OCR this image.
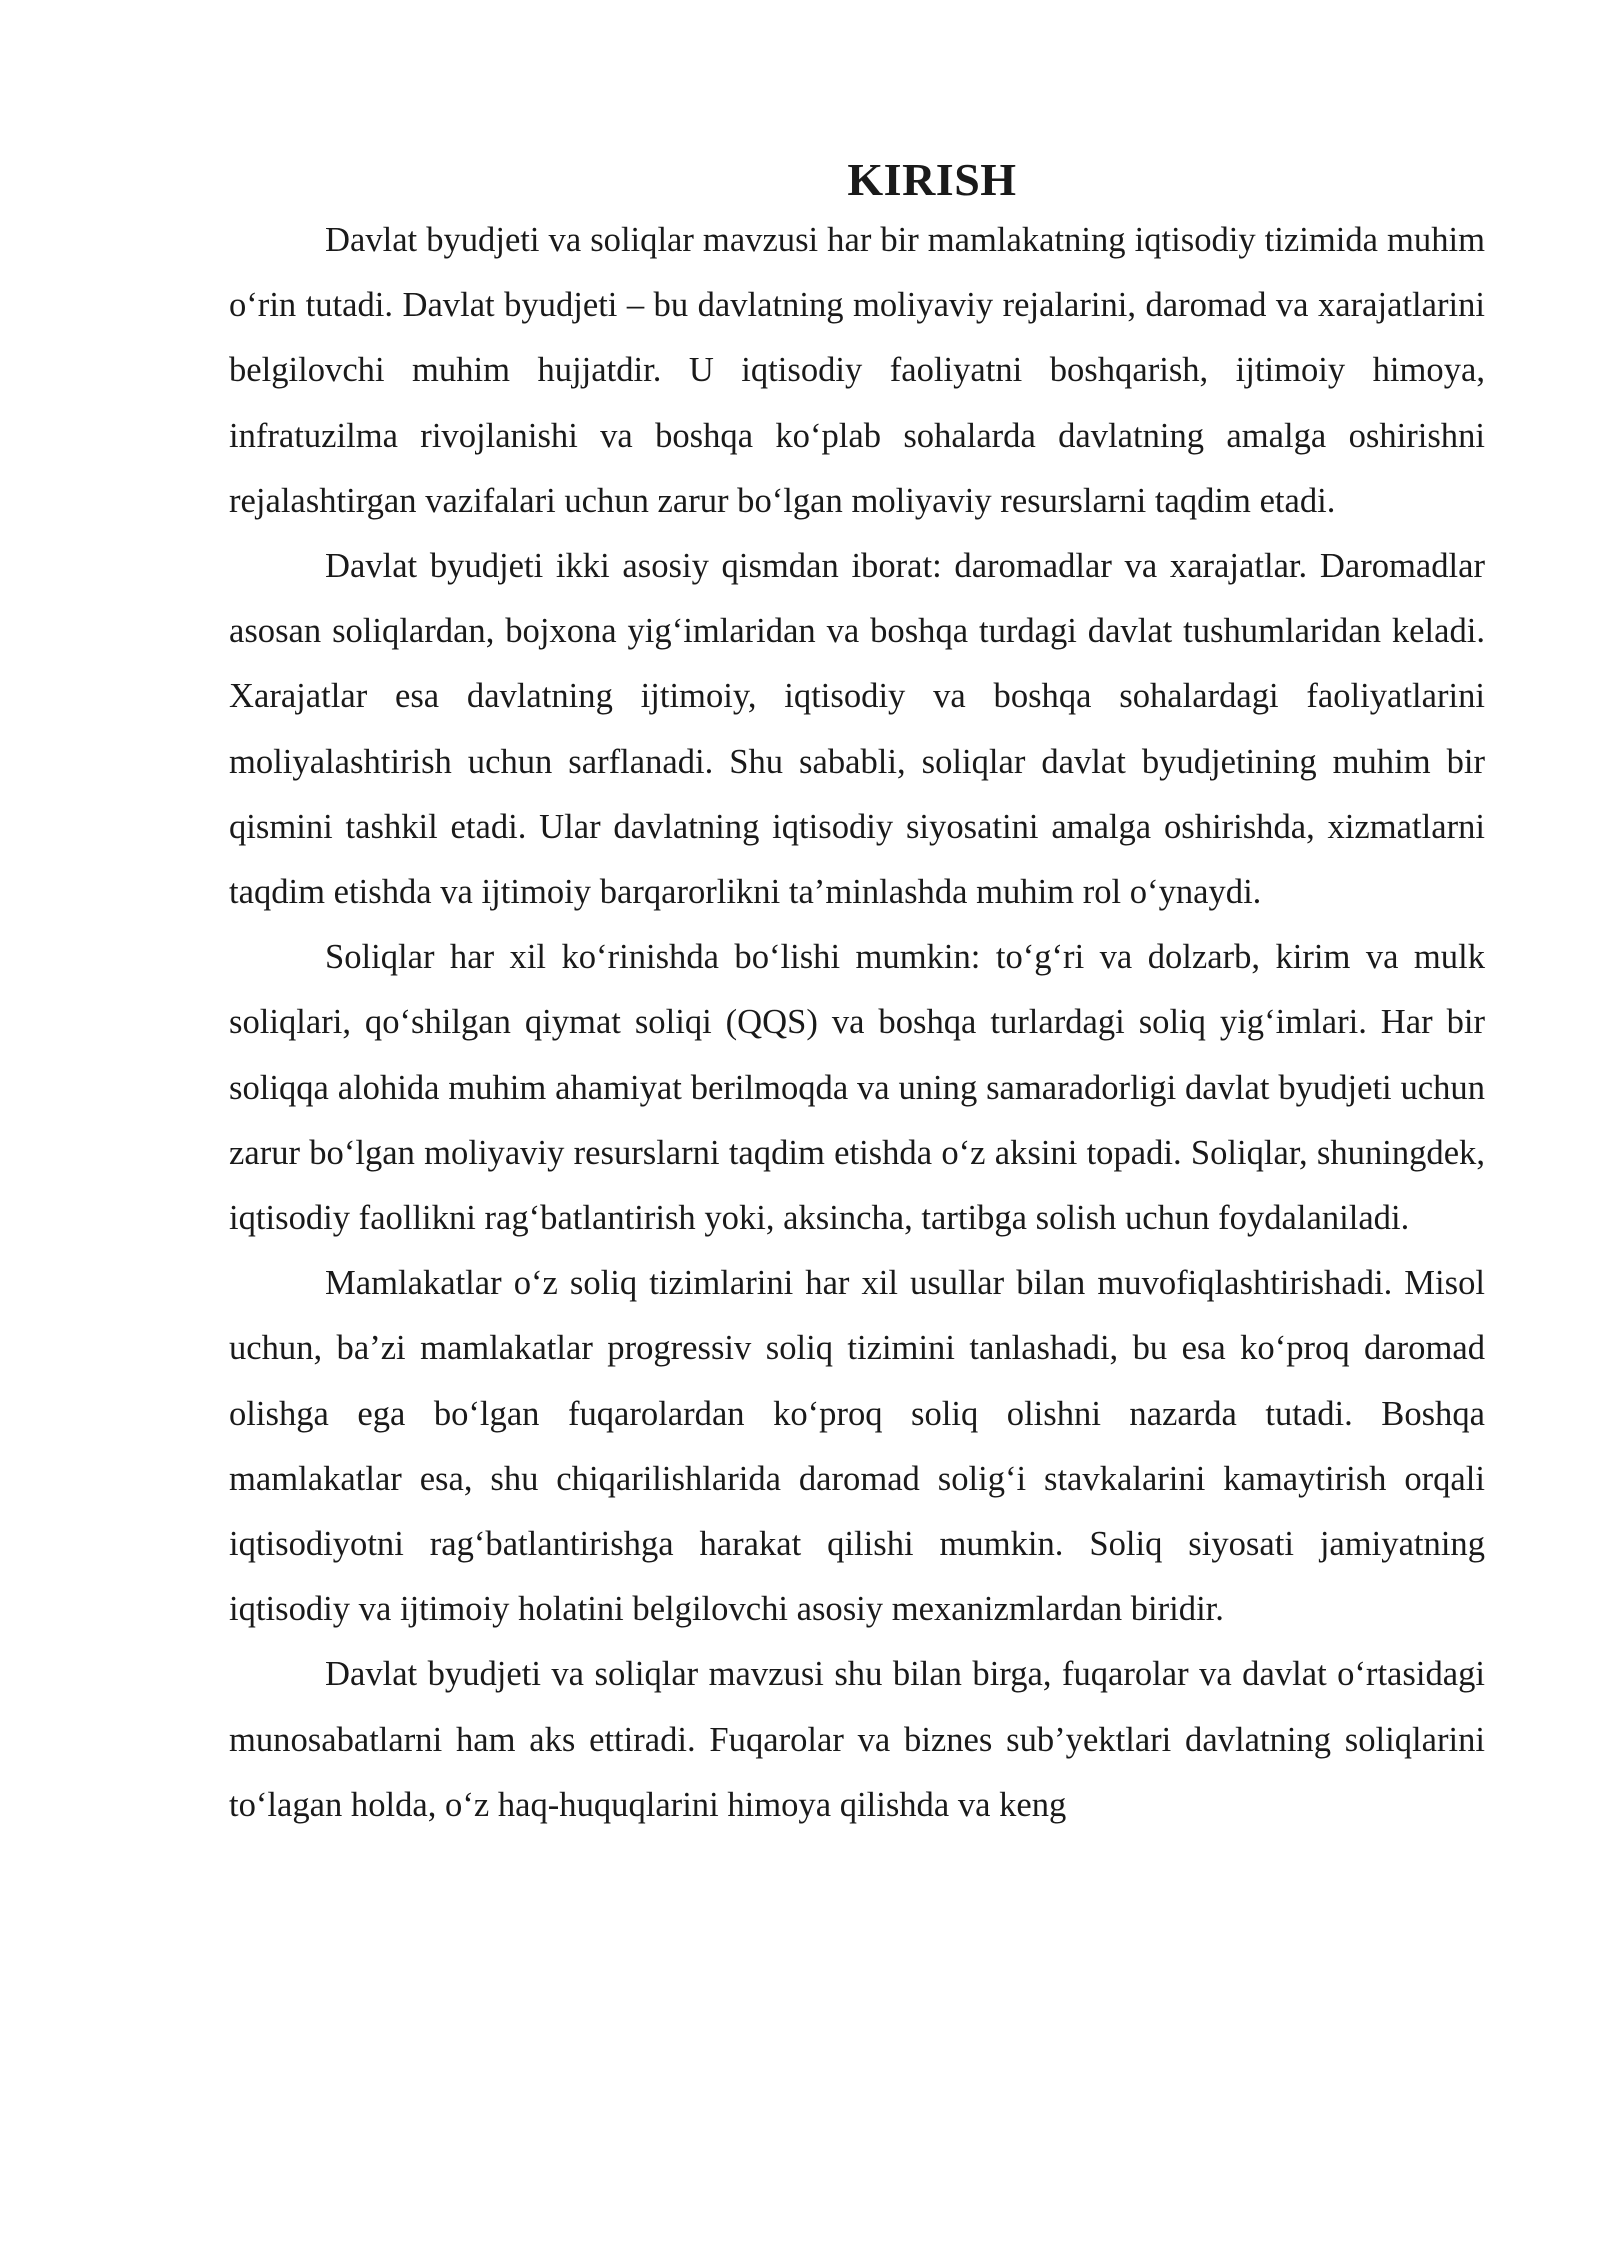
KIRISH

Davlat byudjeti va soliqlar mavzusi har bir mamlakatning iqtisodiy tizimida muhim o‘rin tutadi. Davlat byudjeti – bu davlatning moliyaviy rejalarini, daromad va xarajatlarini belgilovchi muhim hujjatdir. U iqtisodiy faoliyatni boshqarish, ijtimoiy himoya, infratuzilma rivojlanishi va boshqa ko‘plab sohalarda davlatning amalga oshirishni rejalashtirgan vazifalari uchun zarur bo‘lgan moliyaviy resurslarni taqdim etadi.

Davlat byudjeti ikki asosiy qismdan iborat: daromadlar va xarajatlar. Daromadlar asosan soliqlardan, bojxona yig‘imlaridan va boshqa turdagi davlat tushumlaridan keladi. Xarajatlar esa davlatning ijtimoiy, iqtisodiy va boshqa sohalardagi faoliyatlarini moliyalashtirish uchun sarflanadi. Shu sababli, soliqlar davlat byudjetining muhim bir qismini tashkil etadi. Ular davlatning iqtisodiy siyosatini amalga oshirishda, xizmatlarni taqdim etishda va ijtimoiy barqarorlikni ta’minlashda muhim rol o‘ynaydi.

Soliqlar har xil ko‘rinishda bo‘lishi mumkin: to‘g‘ri va dolzarb, kirim va mulk soliqlari, qo‘shilgan qiymat soliqi (QQS) va boshqa turlardagi soliq yig‘imlari. Har bir soliqqa alohida muhim ahamiyat berilmoqda va uning samaradorligi davlat byudjeti uchun zarur bo‘lgan moliyaviy resurslarni taqdim etishda o‘z aksini topadi. Soliqlar, shuningdek, iqtisodiy faollikni rag‘batlantirish yoki, aksincha, tartibga solish uchun foydalaniladi.

Mamlakatlar o‘z soliq tizimlarini har xil usullar bilan muvofiqlashtirishadi. Misol uchun, ba’zi mamlakatlar progressiv soliq tizimini tanlashadi, bu esa ko‘proq daromad olishga ega bo‘lgan fuqarolardan ko‘proq soliq olishni nazarda tutadi. Boshqa mamlakatlar esa, shu chiqarilishlarida daromad solig‘i stavkalarini kamaytirish orqali iqtisodiyotni rag‘batlantirishga harakat qilishi mumkin. Soliq siyosati jamiyatning iqtisodiy va ijtimoiy holatini belgilovchi asosiy mexanizmlardan biridir.

Davlat byudjeti va soliqlar mavzusi shu bilan birga, fuqarolar va davlat o‘rtasidagi munosabatlarni ham aks ettiradi. Fuqarolar va biznes sub’yektlari davlatning soliqlarini to‘lagan holda, o‘z haq-huquqlarini himoya qilishda va keng
